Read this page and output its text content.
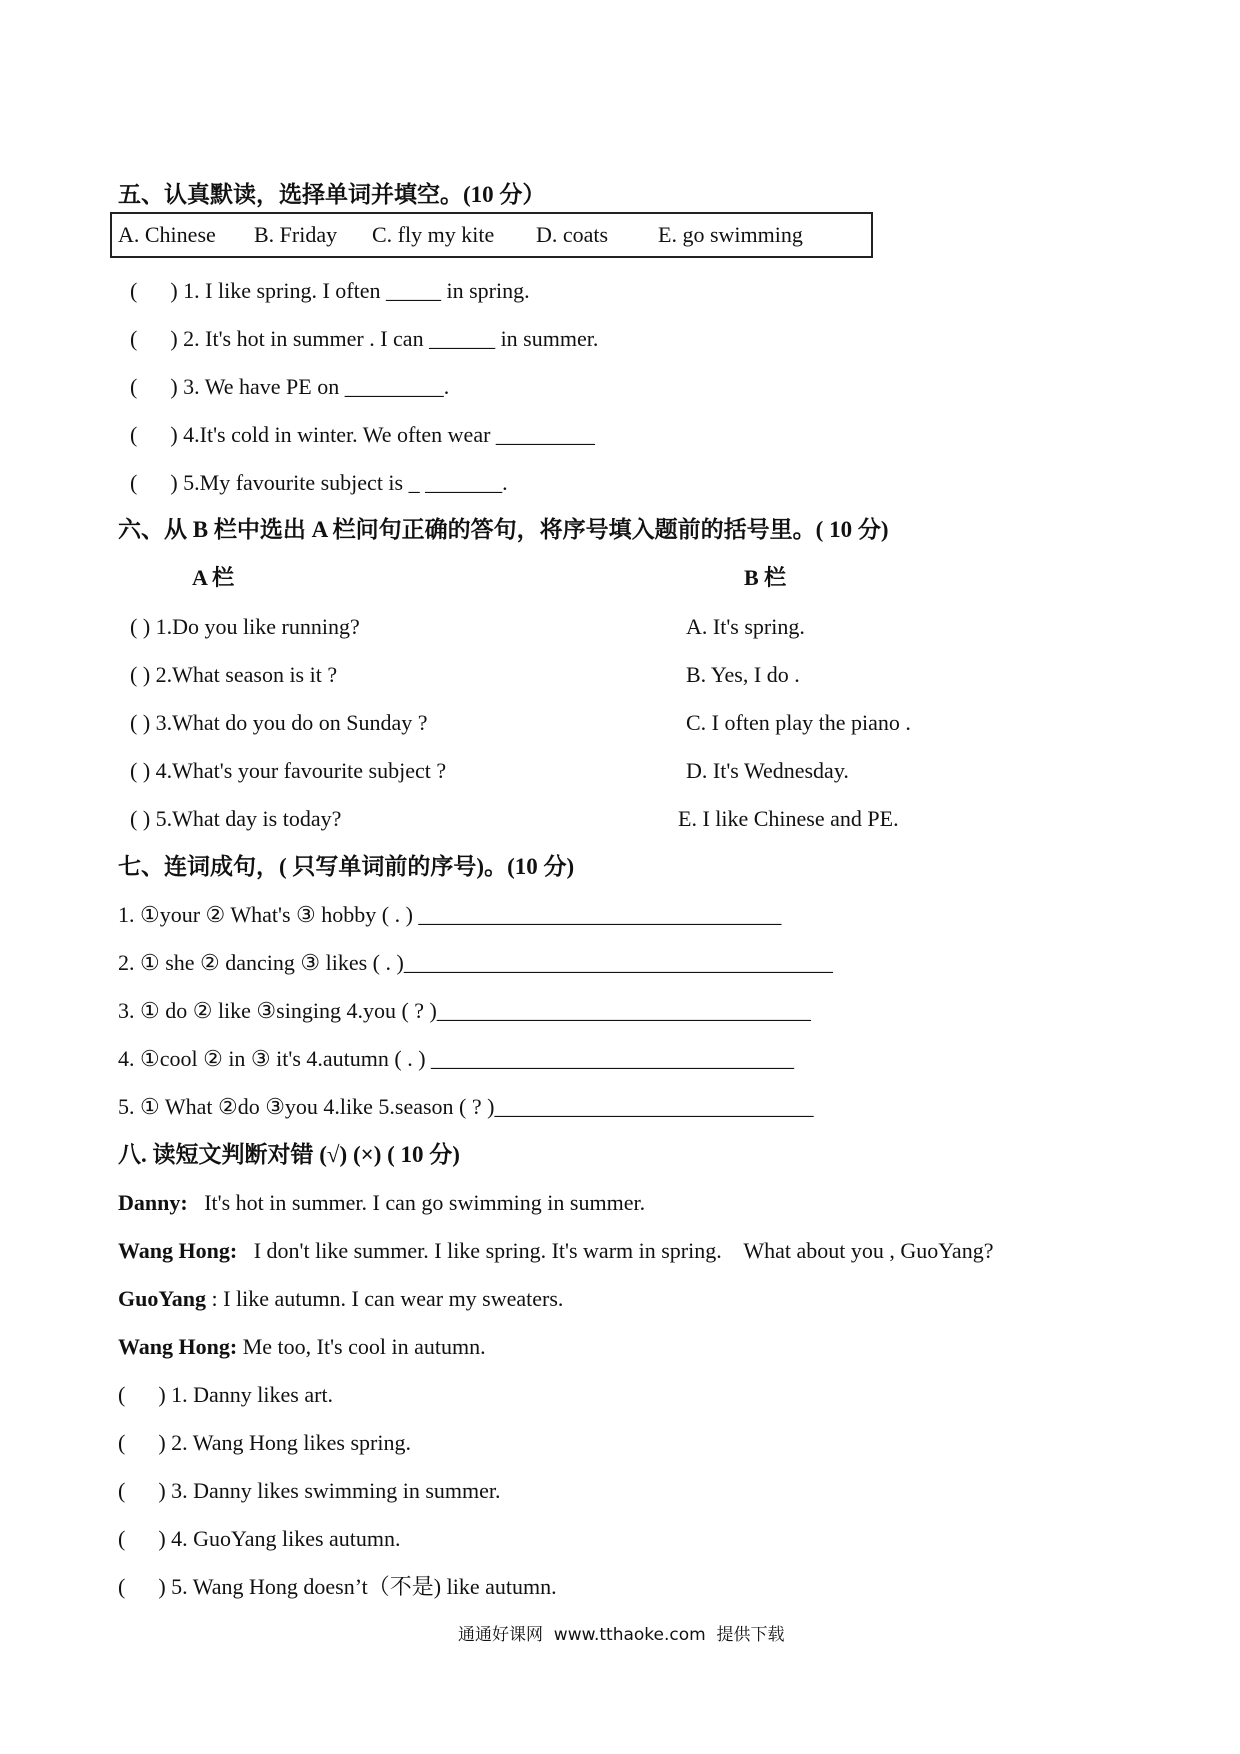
五、认真默读，选择单词并填空。(10 分）
A. Chinese B. Friday C. fly my kite D. coats E. go swimming
(      ) 1. I like spring. I often _____ in spring.
(      ) 2. It's hot in summer . I can ______ in summer.
(      ) 3. We have PE on _________.
(      ) 4.It's cold in winter. We often wear _________
(      ) 5.My favourite subject is _ _______.
六、从 B 栏中选出 A 栏问句正确的答句，将序号填入题前的括号里。( 10 分)
A 栏	B 栏
( ) 1.Do you like running?
( ) 2.What season is it ?
( ) 3.What do you do on Sunday ?
( ) 4.What's your favourite subject ?
( ) 5.What day is today?
A. It's spring.
B. Yes, I do .
C. I often play the piano .
D. It's Wednesday.
E. I like Chinese and PE.
七、连词成句，( 只写单词前的序号)。(10 分)
1. ①your ② What's ③ hobby ( . ) _________________________________
2. ① she ② dancing ③ likes ( . )_______________________________________
3. ① do ② like ③singing 4.you ( ? )__________________________________
4. ①cool ② in ③ it's 4.autumn ( . ) _________________________________
5. ① What ②do ③you 4.like 5.season ( ? )_____________________________
八. 读短文判断对错 (√) (×) ( 10 分)
Danny:   It's hot in summer. I can go swimming in summer.
Wang Hong:   I don't like summer. I like spring. It's warm in spring.    What about you , GuoYang?
GuoYang : I like autumn. I can wear my sweaters.
Wang Hong: Me too, It's cool in autumn.
(      ) 1. Danny likes art.
(      ) 2. Wang Hong likes spring.
(      ) 3. Danny likes swimming in summer.
(      ) 4. GuoYang likes autumn.
(      ) 5. Wang Hong doesn’t（不是) like autumn.
通通好课网  www.tthaoke.com  提供下载
